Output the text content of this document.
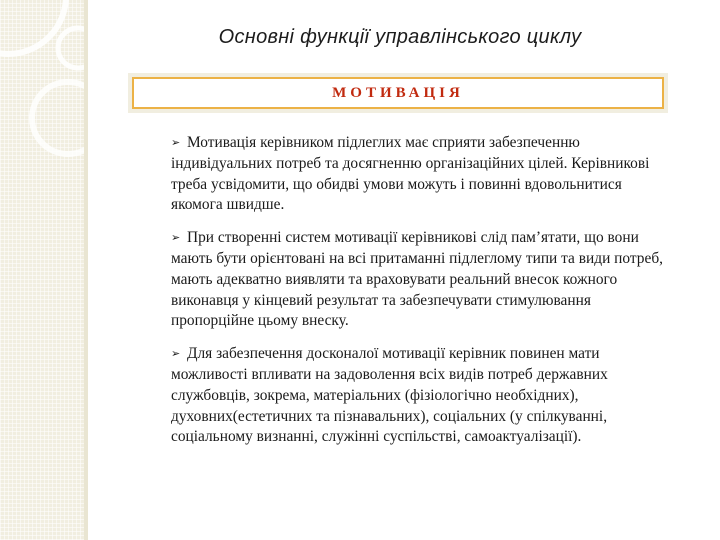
Основні функції управлінського циклу
МОТИВАЦІЯ

➢ Мотивація керівником підлеглих має сприяти забезпеченню індивідуальних потреб та досягненню організаційних цілей. Керівникові треба усвідомити, що обидві умови можуть і повинні вдовольнитися якомога швидше.

➢ При створенні систем мотивації керівникові слід пам’ятати, що вони мають бути орієнтовані на всі притаманні підлеглому типи та види потреб, мають адекватно виявляти та враховувати реальний внесок кожного виконавця у кінцевий результат та забезпечувати стимулювання пропорційне цьому внеску.

➢ Для забезпечення досконалої мотивації керівник повинен мати можливості впливати на задоволення всіх видів потреб державних службовців, зокрема, матеріальних (фізіологічно необхідних), духовних(естетичних та пізнавальних), соціальних (у спілкуванні, соціальному визнанні, служінні суспільстві, самоактуалізації).
